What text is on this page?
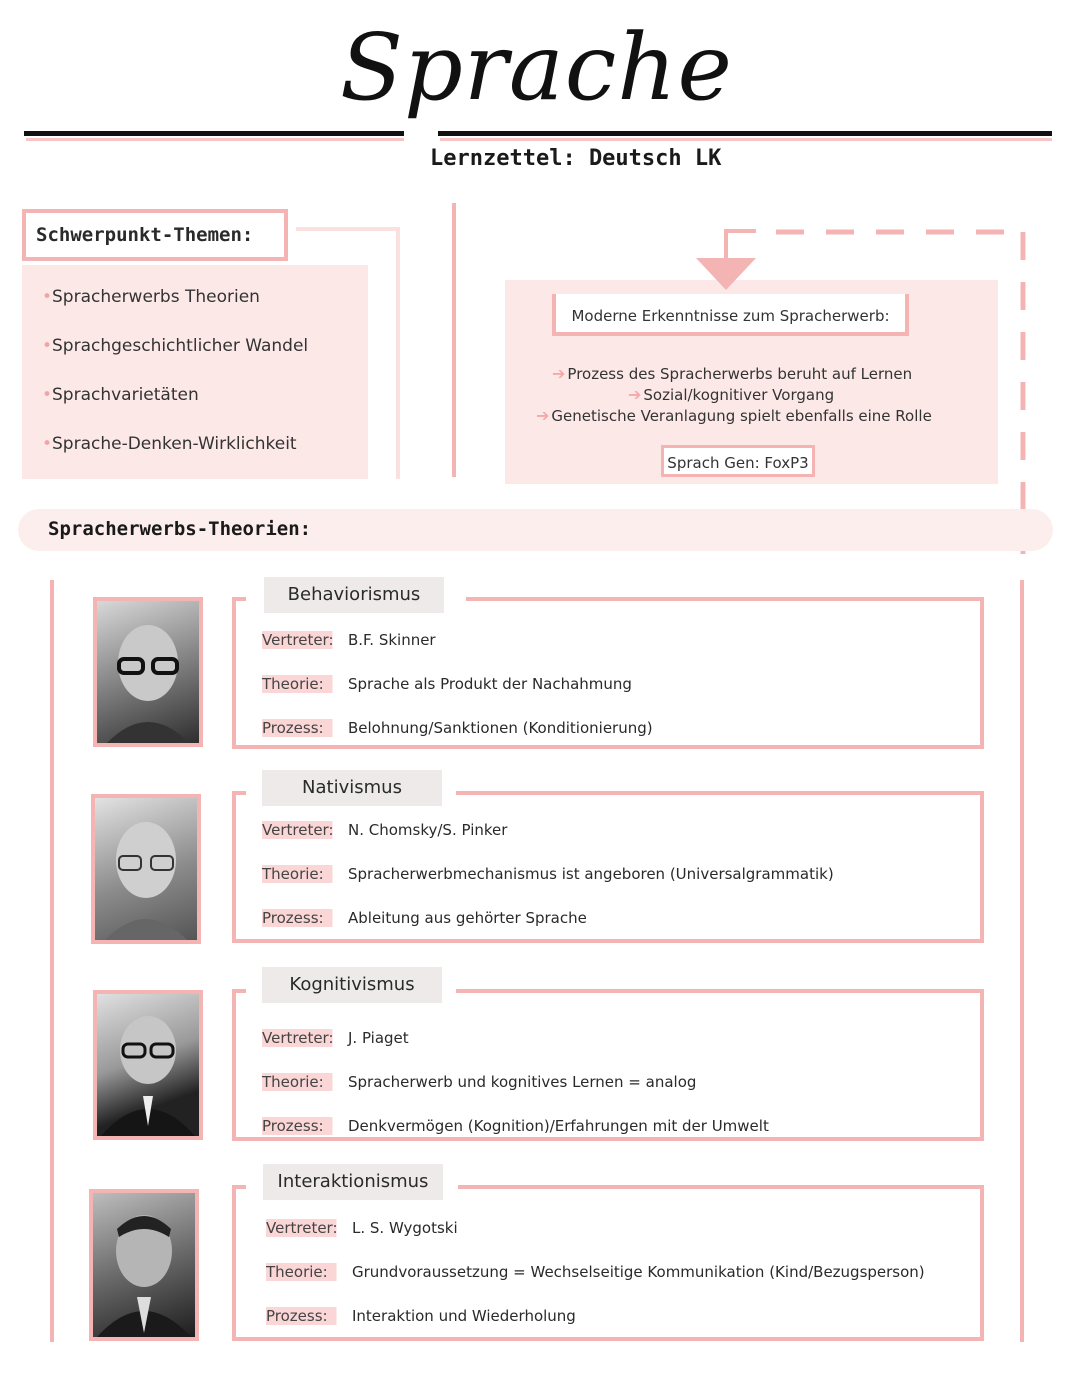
Sprache
Lernzettel: Deutsch LK
Schwerpunkt-Themen:
• Spracherwerbs Theorien
• Sprachgeschichtlicher Wandel
• Sprachvarietäten
• Sprache-Denken-Wirklichkeit
Moderne Erkenntnisse zum Spracherwerb:
➔ Prozess des Spracherwerbs beruht auf Lernen
➔ Sozial/kognitiver Vorgang
➔ Genetische Veranlagung spielt ebenfalls eine Rolle
Sprach Gen: FoxP3
Spracherwerbs-Theorien:
Vertreter: B.F. Skinner
Theorie: Sprache als Produkt der Nachahmung
Prozess: Belohnung/Sanktionen (Konditionierung)
Behaviorismus
Vertreter: N. Chomsky/S. Pinker
Theorie: Spracherwerbmechanismus ist angeboren (Universalgrammatik)
Prozess: Ableitung aus gehörter Sprache
Nativismus
Vertreter: J. Piaget
Theorie: Spracherwerb und kognitives Lernen = analog
Prozess: Denkvermögen (Kognition)/Erfahrungen mit der Umwelt
Kognitivismus
Vertreter: L. S. Wygotski
Theorie: Grundvoraussetzung = Wechselseitige Kommunikation (Kind/Bezugsperson)
Prozess: Interaktion und Wiederholung
Interaktionismus
